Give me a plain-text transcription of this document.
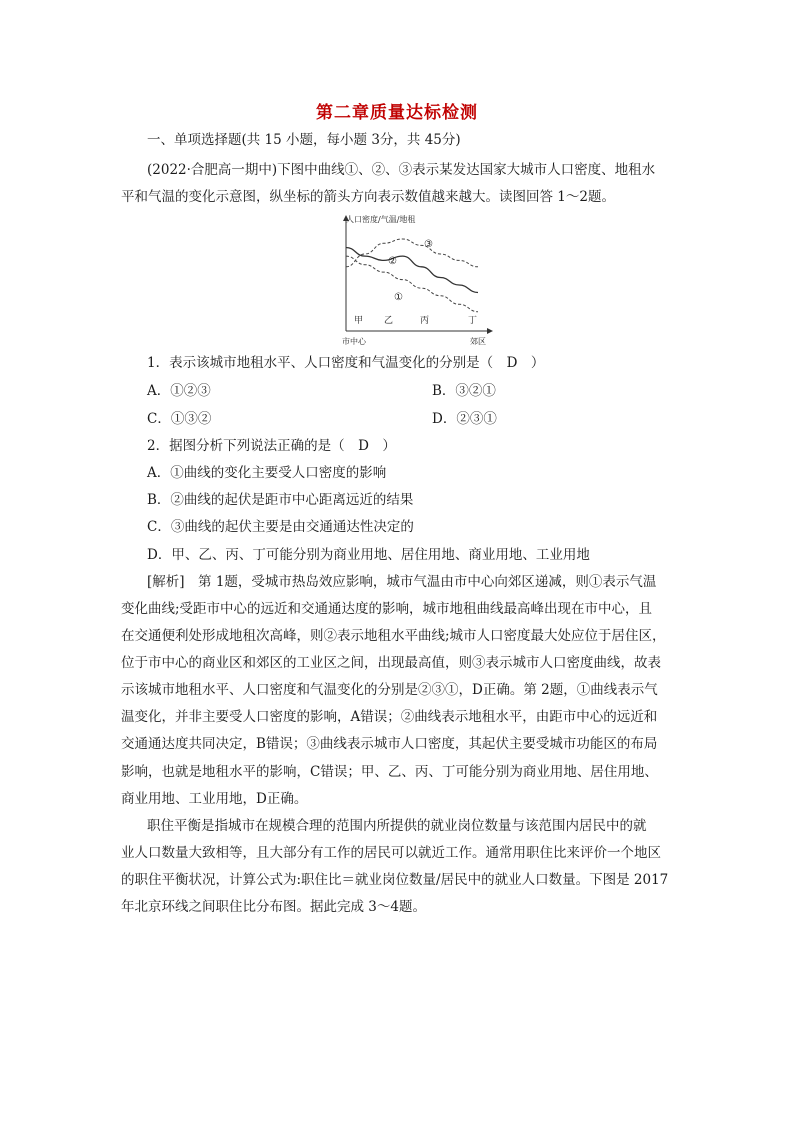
第二章质量达标检测
一、单项选择题(共 15 小题，每小题 3分，共 45分)
(2022·合肥高一期中)下图中曲线①、②、③表示某发达国家大城市人口密度、地租水
平和气温的变化示意图，纵坐标的箭头方向表示数值越来越大。读图回答 1～2题。
人口密度/气温/地租
③
②
①
甲 乙	丙	丁
市中心	郊区
1．表示该城市地租水平、人口密度和气温变化的分别是（　D　）
A．①②③	B．③②①
C．①③②	D．②③①
2．据图分析下列说法正确的是（　D　）
A．①曲线的变化主要受人口密度的影响
B．②曲线的起伏是距市中心距离远近的结果
C．③曲线的起伏主要是由交通通达性决定的
D．甲、乙、丙、丁可能分别为商业用地、居住用地、商业用地、工业用地
[解析]　第 1题，受城市热岛效应影响，城市气温由市中心向郊区递减，则①表示气温
变化曲线;受距市中心的远近和交通通达度的影响，城市地租曲线最高峰出现在市中心，且
在交通便利处形成地租次高峰，则②表示地租水平曲线;城市人口密度最大处应位于居住区，
位于市中心的商业区和郊区的工业区之间，出现最高值，则③表示城市人口密度曲线，故表
示该城市地租水平、人口密度和气温变化的分别是②③①，D正确。第 2题，①曲线表示气
温变化，并非主要受人口密度的影响，A错误；②曲线表示地租水平，由距市中心的远近和
交通通达度共同决定，B错误；③曲线表示城市人口密度，其起伏主要受城市功能区的布局
影响，也就是地租水平的影响，C错误；甲、乙、丙、丁可能分别为商业用地、居住用地、
商业用地、工业用地，D正确。
职住平衡是指城市在规模合理的范围内所提供的就业岗位数量与该范围内居民中的就
业人口数量大致相等，且大部分有工作的居民可以就近工作。通常用职住比来评价一个地区
的职住平衡状况，计算公式为:职住比＝就业岗位数量/居民中的就业人口数量。下图是 2017
年北京环线之间职住比分布图。据此完成 3～4题。
